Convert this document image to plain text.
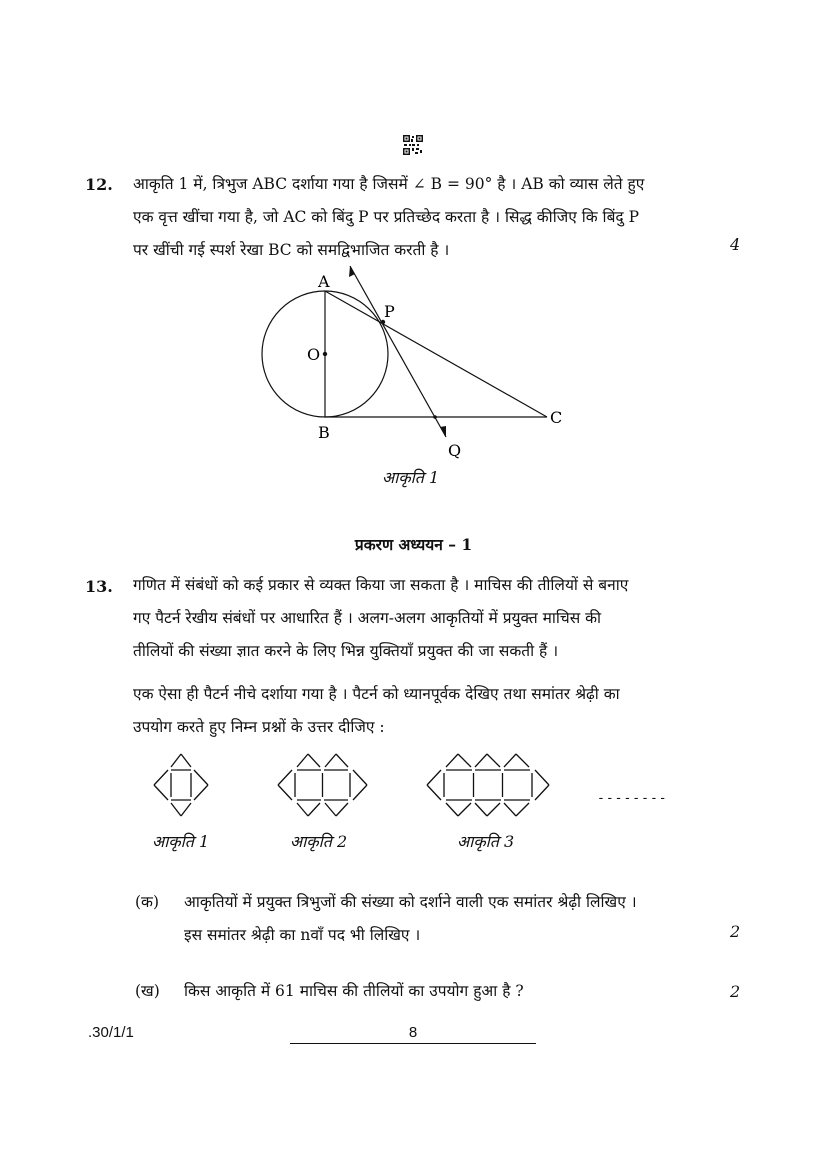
12. आकृति 1 में, त्रिभुज ABC दर्शाया गया है जिसमें ∠ B = 90° है । AB को व्यास लेते हुए
एक वृत्त खींचा गया है, जो AC को बिंदु P पर प्रतिच्छेद करता है । सिद्ध कीजिए कि बिंदु P
पर खींची गई स्पर्श रेखा BC को समद्विभाजित करती है ।	4
A
P
O
B
C
Q
आकृति 1
प्रकरण अध्ययन – 1
13. गणित में संबंधों को कई प्रकार से व्यक्त किया जा सकता है । माचिस की तीलियों से बनाए
गए पैटर्न रेखीय संबंधों पर आधारित हैं । अलग-अलग आकृतियों में प्रयुक्त माचिस की
तीलियों की संख्या ज्ञात करने के लिए भिन्न युक्तियाँ प्रयुक्त की जा सकती हैं ।
एक ऐसा ही पैटर्न नीचे दर्शाया गया है । पैटर्न को ध्यानपूर्वक देखिए तथा समांतर श्रेढ़ी का
उपयोग करते हुए निम्न प्रश्नों के उत्तर दीजिए :
--------
आकृति 1	आकृति 2	आकृति 3
(क) आकृतियों में प्रयुक्त त्रिभुजों की संख्या को दर्शाने वाली एक समांतर श्रेढ़ी लिखिए ।
इस समांतर श्रेढ़ी का nवाँ पद भी लिखिए ।	2
(ख) किस आकृति में 61 माचिस की तीलियों का उपयोग हुआ है ?	2
.30/1/1	8
